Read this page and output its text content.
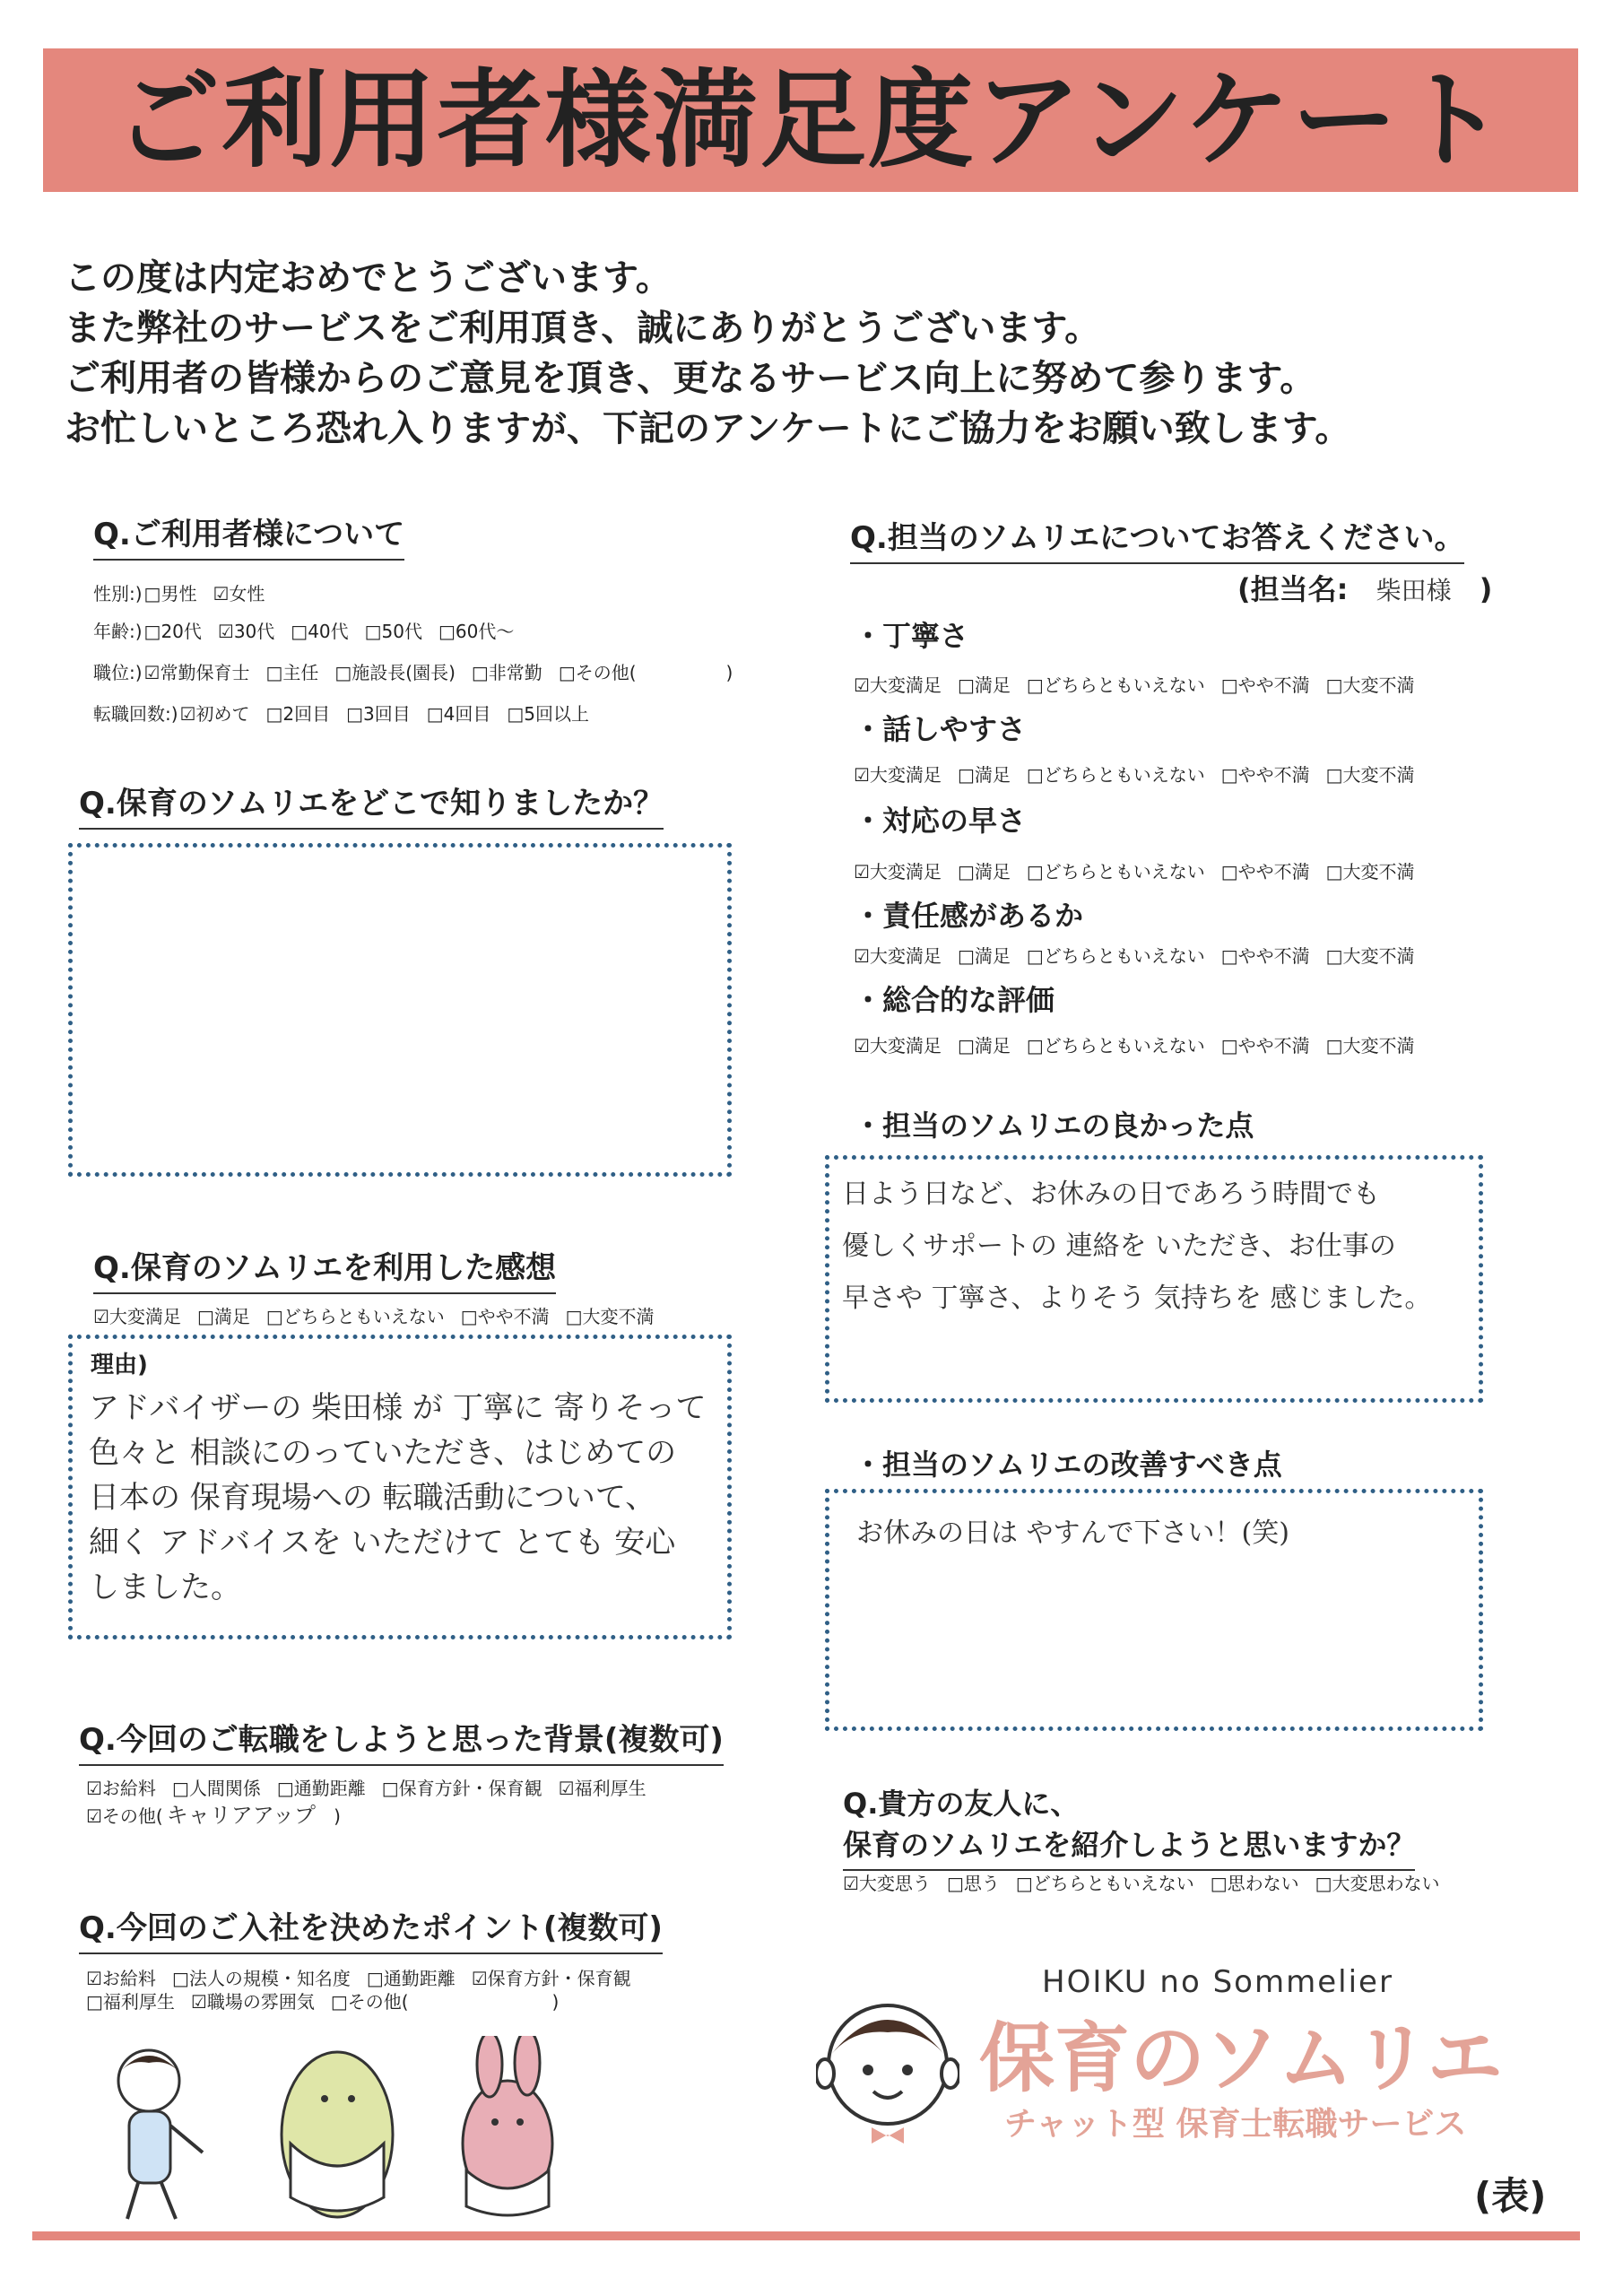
ご利用者様満足度アンケート
この度は内定おめでとうございます。
また弊社のサービスをご利用頂き、誠にありがとうございます。
ご利用者の皆様からのご意見を頂き、更なるサービス向上に努めて参ります。
お忙しいところ恐れ入りますが、下記のアンケートにご協力をお願い致します。
Q.ご利用者様について
性別:) □男性 ☑女性
年齢:) □20代 ☑30代 □40代 □50代 □60代～
職位:) ☑常勤保育士 □主任 □施設長(園長) □非常勤 □その他(　　　　　)
転職回数:) ☑初めて □2回目 □3回目 □4回目 □5回以上
Q.保育のソムリエをどこで知りましたか？
Q.保育のソムリエを利用した感想
☑大変満足 □満足 □どちらともいえない □やや不満 □大変不満
理由)
アドバイザーの 柴田様 が 丁寧に 寄りそって
色々と 相談にのっていただき、はじめての
日本の 保育現場への 転職活動について、
細く アドバイスを いただけて とても 安心
しました。
Q.今回のご転職をしようと思った背景(複数可)
☑お給料 □人間関係 □通勤距離 □保育方針・保育観 ☑福利厚生
☑その他( キャリアアップ )
Q.今回のご入社を決めたポイント(複数可)
☑お給料 □法人の規模・知名度 □通勤距離 ☑保育方針・保育観
□福利厚生 ☑職場の雰囲気 □その他(　　　　　　　　)
Q.担当のソムリエについてお答えください。
(担当名: 柴田様 )
・丁寧さ
☑大変満足 □満足 □どちらともいえない □やや不満 □大変不満
・話しやすさ
☑大変満足 □満足 □どちらともいえない □やや不満 □大変不満
・対応の早さ
☑大変満足 □満足 □どちらともいえない □やや不満 □大変不満
・責任感があるか
☑大変満足 □満足 □どちらともいえない □やや不満 □大変不満
・総合的な評価
☑大変満足 □満足 □どちらともいえない □やや不満 □大変不満
・担当のソムリエの良かった点
日よう日など、お休みの日であろう時間でも
優しくサポートの 連絡を いただき、お仕事の
早さや 丁寧さ、よりそう 気持ちを 感じました。
・担当のソムリエの改善すべき点
お休みの日は やすんで下さい！(笑)
Q.貴方の友人に、
保育のソムリエを紹介しようと思いますか？
☑大変思う □思う □どちらともいえない □思わない □大変思わない
HOIKU no Sommelier
保育のソムリエ
チャット型 保育士転職サービス
(表)
